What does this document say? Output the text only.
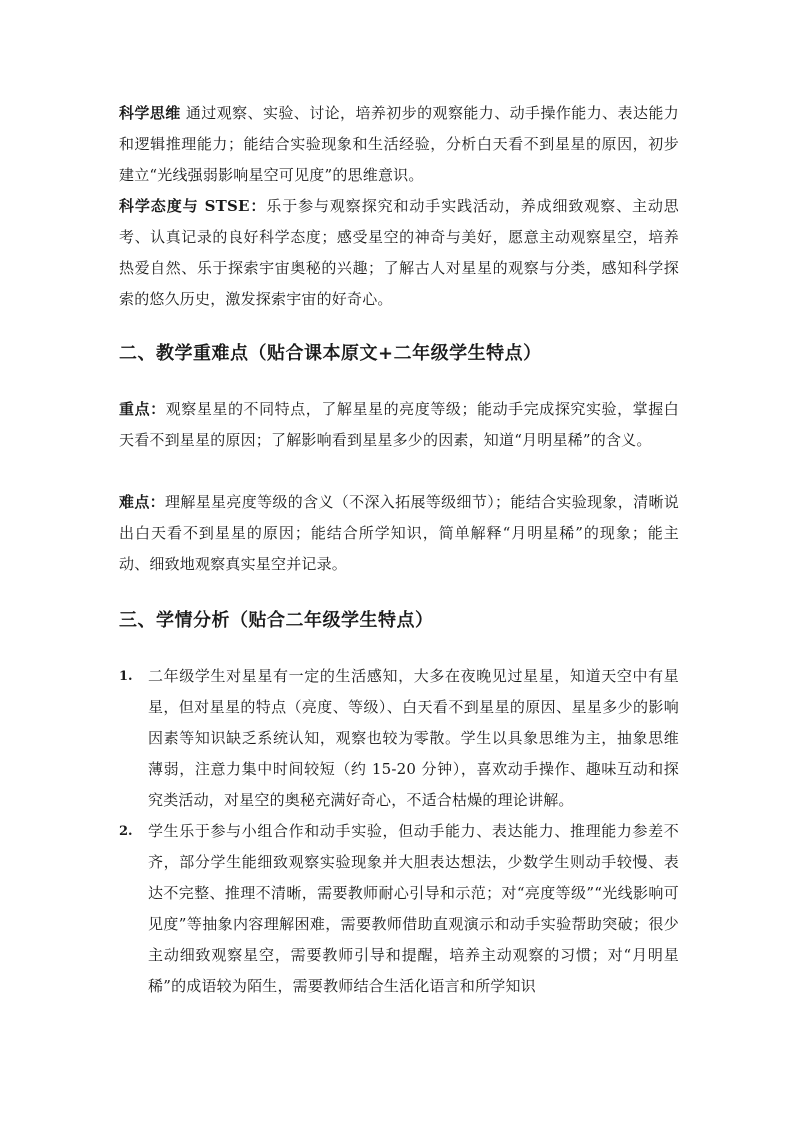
科学思维 通过观察、实验、讨论，培养初步的观察能力、动手操作能力、表达能力和逻辑推理能力；能结合实验现象和生活经验，分析白天看不到星星的原因，初步建立“光线强弱影响星空可见度”的思维意识。

科学态度与 STSE：乐于参与观察探究和动手实践活动，养成细致观察、主动思考、认真记录的良好科学态度；感受星空的神奇与美好，愿意主动观察星空，培养热爱自然、乐于探索宇宙奥秘的兴趣；了解古人对星星的观察与分类，感知科学探索的悠久历史，激发探索宇宙的好奇心。

二、教学重难点（贴合课本原文+二年级学生特点）

重点：观察星星的不同特点，了解星星的亮度等级；能动手完成探究实验，掌握白天看不到星星的原因；了解影响看到星星多少的因素，知道“月明星稀”的含义。

难点：理解星星亮度等级的含义（不深入拓展等级细节）；能结合实验现象，清晰说出白天看不到星星的原因；能结合所学知识，简单解释“月明星稀”的现象；能主动、细致地观察真实星空并记录。

三、学情分析（贴合二年级学生特点）
1. 二年级学生对星星有一定的生活感知，大多在夜晚见过星星，知道天空中有星星，但对星星的特点（亮度、等级）、白天看不到星星的原因、星星多少的影响因素等知识缺乏系统认知，观察也较为零散。学生以具象思维为主，抽象思维薄弱，注意力集中时间较短（约 15-20 分钟），喜欢动手操作、趣味互动和探究类活动，对星空的奥秘充满好奇心，不适合枯燥的理论讲解。
2. 学生乐于参与小组合作和动手实验，但动手能力、表达能力、推理能力参差不齐，部分学生能细致观察实验现象并大胆表达想法，少数学生则动手较慢、表达不完整、推理不清晰，需要教师耐心引导和示范；对“亮度等级”“光线影响可见度”等抽象内容理解困难，需要教师借助直观演示和动手实验帮助突破；很少主动细致观察星空，需要教师引导和提醒，培养主动观察的习惯；对“月明星稀”的成语较为陌生，需要教师结合生活化语言和所学知识
